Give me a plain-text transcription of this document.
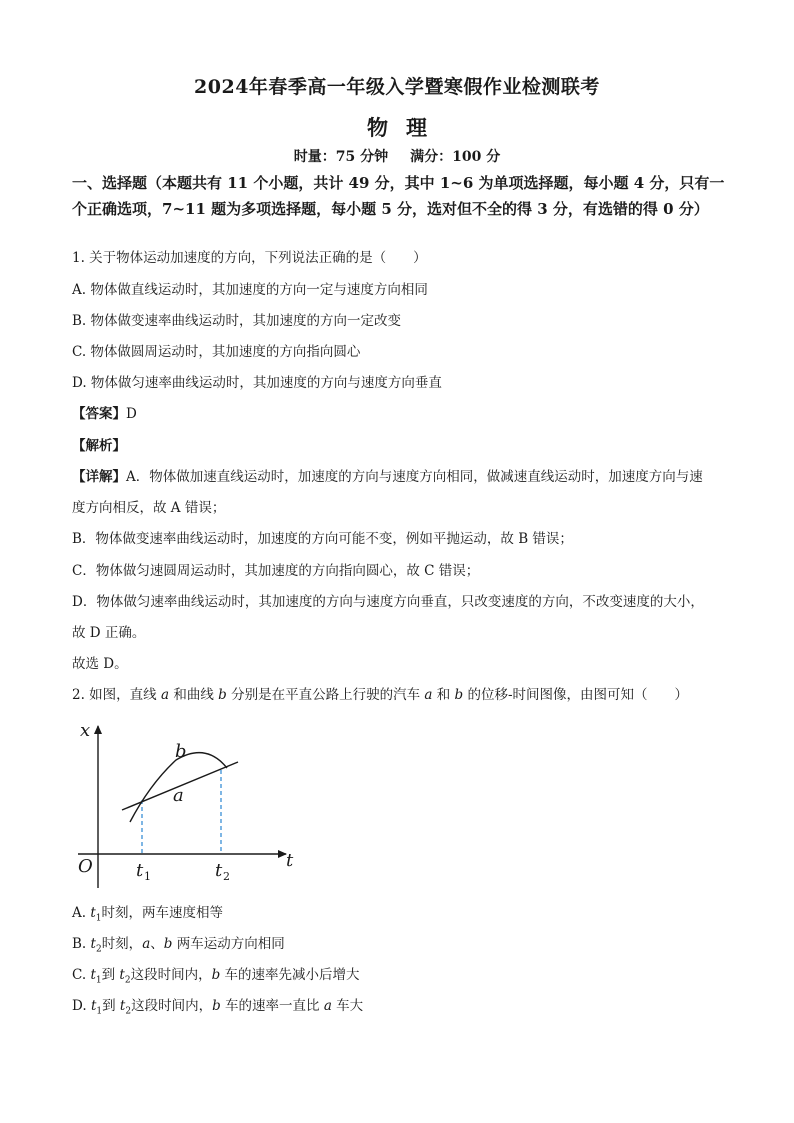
2024年春季高一年级入学暨寒假作业检测联考
物理
时量：75 分钟 满分：100 分
一、选择题（本题共有 11 个小题，共计 49 分，其中 1~6 为单项选择题，每小题 4 分，只有一个正确选项，7~11 题为多项选择题，每小题 5 分，选对但不全的得 3 分，有选错的得 0 分）
1. 关于物体运动加速度的方向，下列说法正确的是（　　）
A. 物体做直线运动时，其加速度的方向一定与速度方向相同
B. 物体做变速率曲线运动时，其加速度的方向一定改变
C. 物体做圆周运动时，其加速度的方向指向圆心
D. 物体做匀速率曲线运动时，其加速度的方向与速度方向垂直
【答案】D
【解析】
【详解】A．物体做加速直线运动时，加速度的方向与速度方向相同，做减速直线运动时，加速度方向与速
度方向相反，故 A 错误；
B．物体做变速率曲线运动时，加速度的方向可能不变，例如平抛运动，故 B 错误；
C．物体做匀速圆周运动时，其加速度的方向指向圆心，故 C 错误；
D．物体做匀速率曲线运动时，其加速度的方向与速度方向垂直，只改变速度的方向，不改变速度的大小，
故 D 正确。
故选 D。
2. 如图，直线 a 和曲线 b 分别是在平直公路上行驶的汽车 a 和 b 的位移-时间图像，由图可知（　　）
x
t
O
b
a
t 1	t 2
A. $t_1$时刻，两车速度相等
B. $t_2$时刻，a、b 两车运动方向相同
C. $t_1$到 $t_2$这段时间内，b 车的速率先减小后增大
D. $t_1$到 $t_2$这段时间内，b 车的速率一直比 a 车大
